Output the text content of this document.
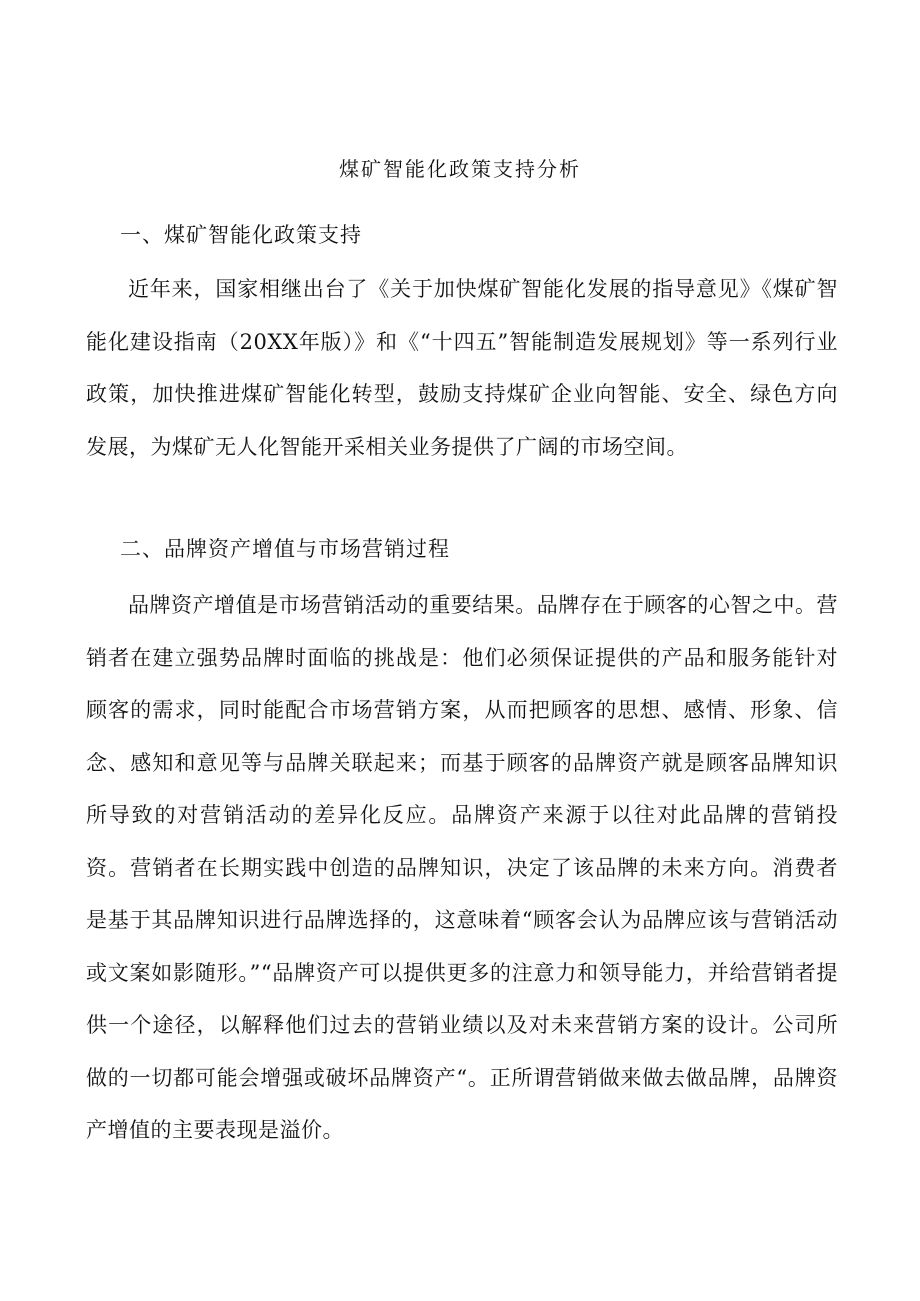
煤矿智能化政策支持分析
一、煤矿智能化政策支持

近年来，国家相继出台了《关于加快煤矿智能化发展的指导意见》《煤矿智能化建设指南（20XX年版）》和《“十四五”智能制造发展规划》等一系列行业政策，加快推进煤矿智能化转型，鼓励支持煤矿企业向智能、安全、绿色方向发展，为煤矿无人化智能开采相关业务提供了广阔的市场空间。

二、品牌资产增值与市场营销过程

品牌资产增值是市场营销活动的重要结果。品牌存在于顾客的心智之中。营销者在建立强势品牌时面临的挑战是：他们必须保证提供的产品和服务能针对顾客的需求，同时能配合市场营销方案，从而把顾客的思想、感情、形象、信念、感知和意见等与品牌关联起来；而基于顾客的品牌资产就是顾客品牌知识所导致的对营销活动的差异化反应。品牌资产来源于以往对此品牌的营销投资。营销者在长期实践中创造的品牌知识，决定了该品牌的未来方向。消费者是基于其品牌知识进行品牌选择的，这意味着“顾客会认为品牌应该与营销活动或文案如影随形。”“品牌资产可以提供更多的注意力和领导能力，并给营销者提供一个途径，以解释他们过去的营销业绩以及对未来营销方案的设计。公司所做的一切都可能会增强或破坏品牌资产“。正所谓营销做来做去做品牌，品牌资产增值的主要表现是溢价。
